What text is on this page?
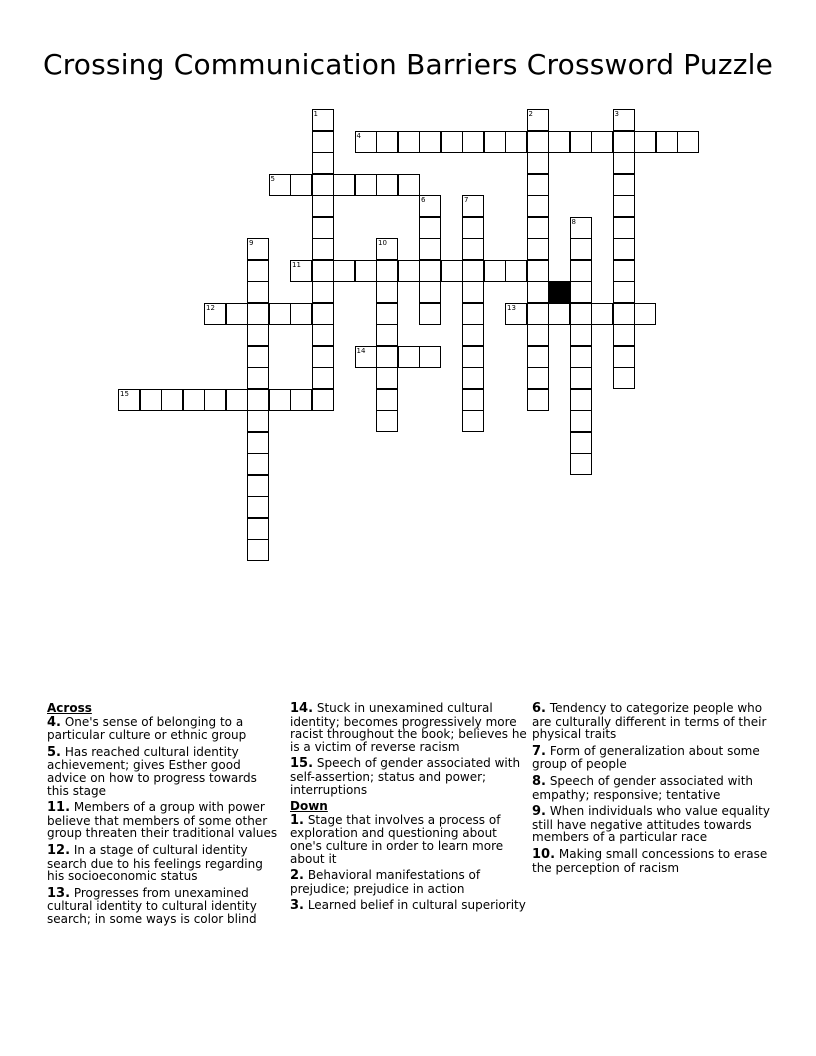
Crossing Communication Barriers Crossword Puzzle
4
5
11
12	13
14
15
1	2	3
6	7
8
9	10
Across
4. One's sense of belonging to a particular culture or ethnic group
5. Has reached cultural identity achievement; gives Esther good advice on how to progress towards this stage
11. Members of a group with power believe that members of some other group threaten their traditional values
12. In a stage of cultural identity search due to his feelings regarding his socioeconomic status
13. Progresses from unexamined cultural identity to cultural identity search; in some ways is color blind
14. Stuck in unexamined cultural identity; becomes progressively more racist throughout the book; believes he is a victim of reverse racism
15. Speech of gender associated with self-assertion; status and power; interruptions
Down
1. Stage that involves a process of exploration and questioning about one's culture in order to learn more about it
2. Behavioral manifestations of prejudice; prejudice in action
3. Learned belief in cultural superiority
6. Tendency to categorize people who are culturally different in terms of their physical traits
7. Form of generalization about some group of people
8. Speech of gender associated with empathy; responsive; tentative
9. When individuals who value equality still have negative attitudes towards members of a particular race
10. Making small concessions to erase the perception of racism
